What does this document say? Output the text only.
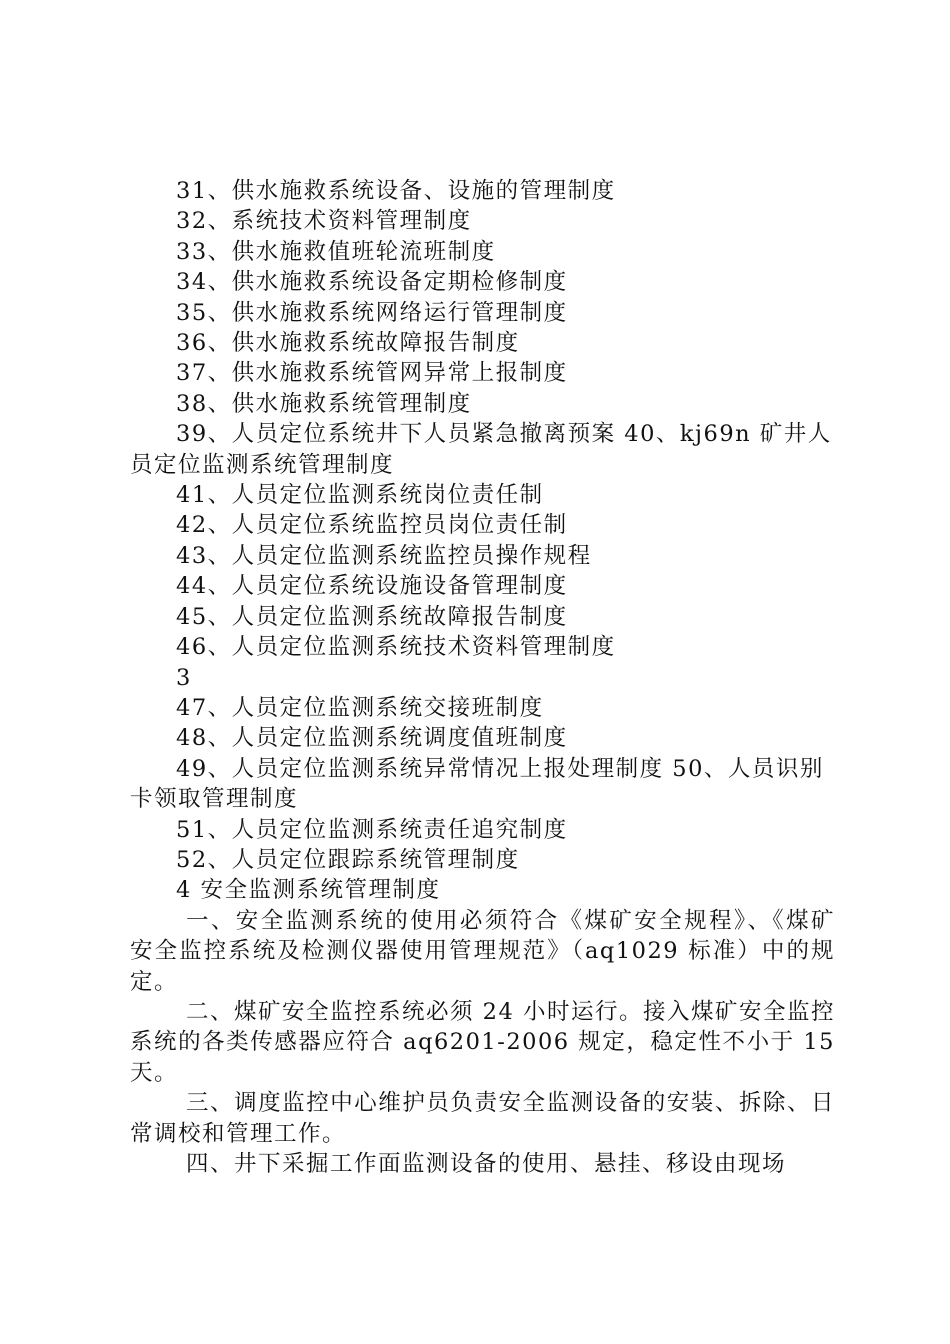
31、供水施救系统设备、设施的管理制度

32、系统技术资料管理制度

33、供水施救值班轮流班制度

34、供水施救系统设备定期检修制度

35、供水施救系统网络运行管理制度

36、供水施救系统故障报告制度

37、供水施救系统管网异常上报制度

38、供水施救系统管理制度

39、人员定位系统井下人员紧急撤离预案 40、kj69n 矿井人员定位监测系统管理制度

41、人员定位监测系统岗位责任制

42、人员定位系统监控员岗位责任制

43、人员定位监测系统监控员操作规程

44、人员定位系统设施设备管理制度

45、人员定位监测系统故障报告制度

46、人员定位监测系统技术资料管理制度

3

47、人员定位监测系统交接班制度

48、人员定位监测系统调度值班制度

49、人员定位监测系统异常情况上报处理制度 50、人员识别卡领取管理制度

51、人员定位监测系统责任追究制度

52、人员定位跟踪系统管理制度

4 安全监测系统管理制度

一、安全监测系统的使用必须符合《煤矿安全规程》、《煤矿安全监控系统及检测仪器使用管理规范》（aq1029 标准）中的规定。

二、煤矿安全监控系统必须 24 小时运行。接入煤矿安全监控系统的各类传感器应符合 aq6201-2006 规定，稳定性不小于 15 天。

三、调度监控中心维护员负责安全监测设备的安装、拆除、日常调校和管理工作。

四、井下采掘工作面监测设备的使用、悬挂、移设由现场
